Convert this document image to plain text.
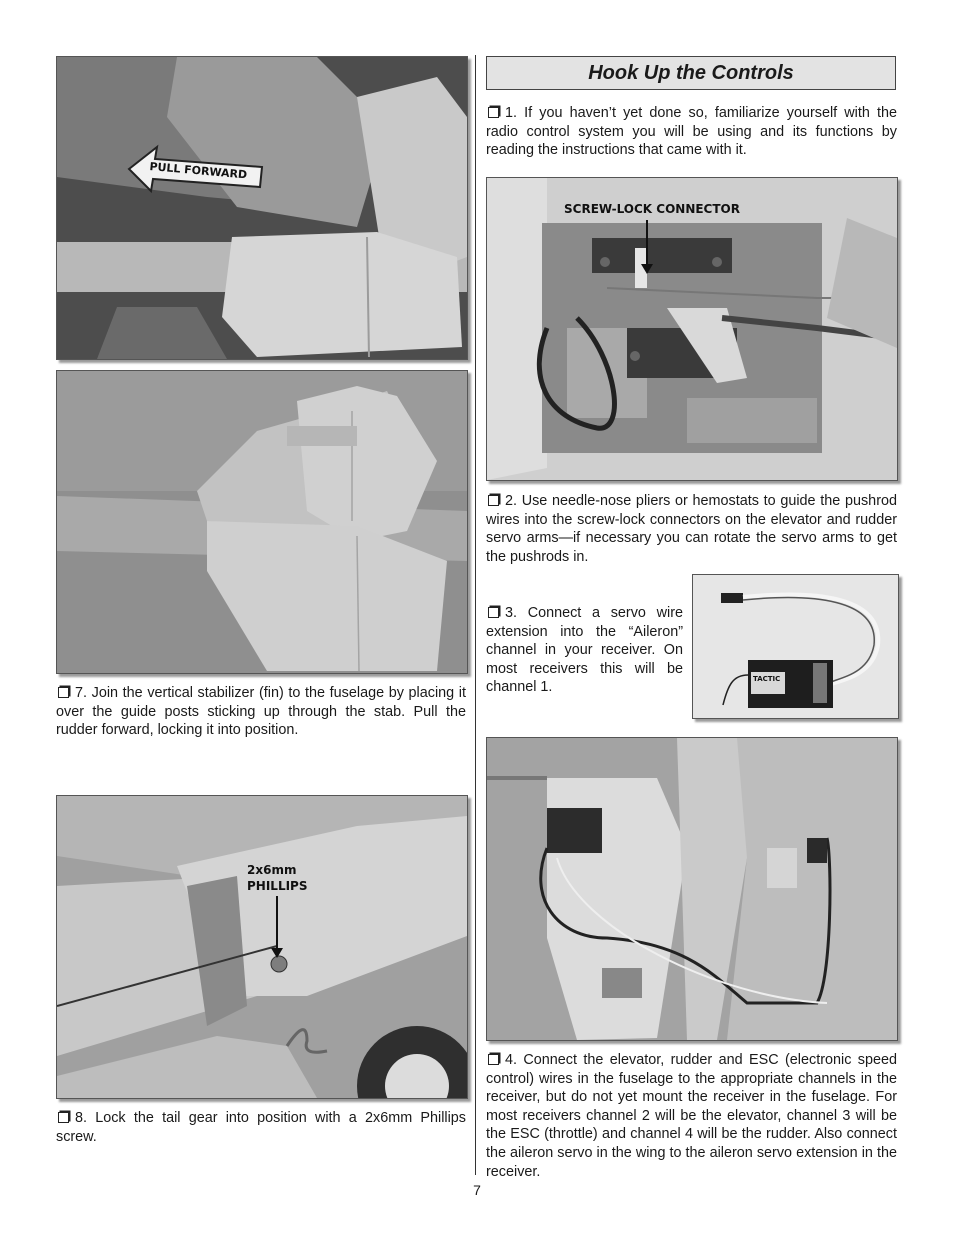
PULL FORWARD
7. Join the vertical stabilizer (fin) to the fuselage by placing it over the guide posts sticking up through the stab. Pull the rudder forward, locking it into position.
2x6mm
PHILLIPS
8. Lock the tail gear into position with a 2x6mm Phillips screw.
Hook Up the Controls
1. If you haven’t yet done so, familiarize yourself with the radio control system you will be using and its functions by reading the instructions that came with it.
SCREW-LOCK CONNECTOR
2. Use needle-nose pliers or hemostats to guide the pushrod wires into the screw-lock connectors on the elevator and rudder servo arms—if necessary you can rotate the servo arms to get the pushrods in.
3. Connect a servo wire extension into the “Aileron” channel in your receiver. On most receivers this will be channel 1.
TACTIC
4. Connect the elevator, rudder and ESC (electronic speed control) wires in the fuselage to the appropriate channels in the receiver, but do not yet mount the receiver in the fuselage. For most receivers channel 2 will be the elevator, channel 3 will be the ESC (throttle) and channel 4 will be the rudder. Also connect the aileron servo in the wing to the aileron servo extension in the receiver.
7
